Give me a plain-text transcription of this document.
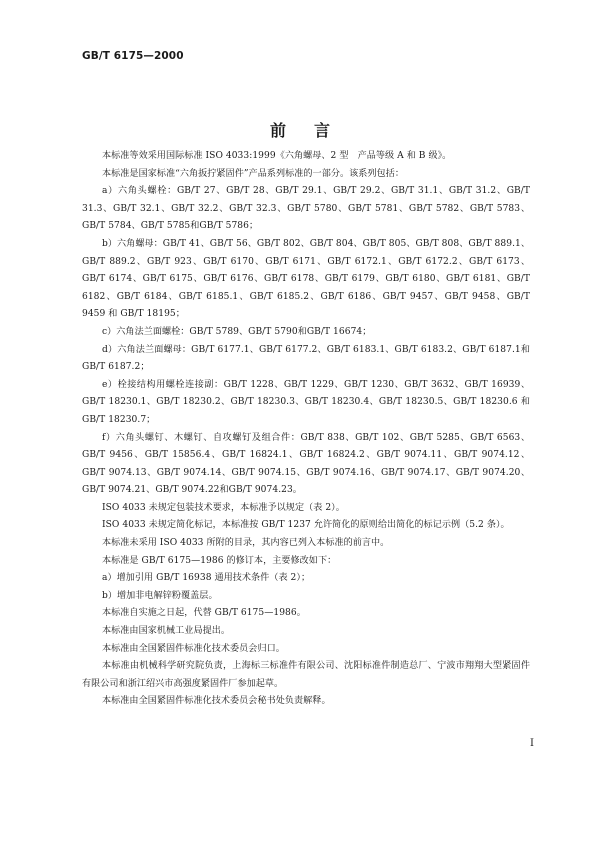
GB/T 6175—2000
前言

本标准等效采用国际标准 ISO 4033:1999《六角螺母、2 型　产品等级 A 和 B 级》。

本标准是国家标准“六角扳拧紧固件”产品系列标准的一部分。该系列包括：

a）六角头螺栓：GB/T 27、GB/T 28、GB/T 29.1、GB/T 29.2、GB/T 31.1、GB/T 31.2、GB/T 31.3、GB/T 32.1、GB/T 32.2、GB/T 32.3、GB/T 5780、GB/T 5781、GB/T 5782、GB/T 5783、GB/T 5784、GB/T 5785和GB/T 5786；

b）六角螺母：GB/T 41、GB/T 56、GB/T 802、GB/T 804、GB/T 805、GB/T 808、GB/T 889.1、GB/T 889.2、GB/T 923、GB/T 6170、GB/T 6171、GB/T 6172.1、GB/T 6172.2、GB/T 6173、GB/T 6174、GB/T 6175、GB/T 6176、GB/T 6178、GB/T 6179、GB/T 6180、GB/T 6181、GB/T 6182、GB/T 6184、GB/T 6185.1、GB/T 6185.2、GB/T 6186、GB/T 9457、GB/T 9458、GB/T 9459 和 GB/T 18195；

c）六角法兰面螺栓：GB/T 5789、GB/T 5790和GB/T 16674；

d）六角法兰面螺母：GB/T 6177.1、GB/T 6177.2、GB/T 6183.1、GB/T 6183.2、GB/T 6187.1和 GB/T 6187.2；

e）栓接结构用螺栓连接副：GB/T 1228、GB/T 1229、GB/T 1230、GB/T 3632、GB/T 16939、GB/T 18230.1、GB/T 18230.2、GB/T 18230.3、GB/T 18230.4、GB/T 18230.5、GB/T 18230.6 和 GB/T 18230.7；

f）六角头螺钉、木螺钉、自攻螺钉及组合件：GB/T 838、GB/T 102、GB/T 5285、GB/T 6563、GB/T 9456、GB/T 15856.4、GB/T 16824.1、GB/T 16824.2、GB/T 9074.11、GB/T 9074.12、GB/T 9074.13、GB/T 9074.14、GB/T 9074.15、GB/T 9074.16、GB/T 9074.17、GB/T 9074.20、GB/T 9074.21、GB/T 9074.22和GB/T 9074.23。

ISO 4033 未规定包装技术要求，本标准予以规定（表 2）。

ISO 4033 未规定简化标记，本标准按 GB/T 1237 允许简化的原则给出简化的标记示例（5.2 条）。

本标准未采用 ISO 4033 所附的目录，其内容已列入本标准的前言中。

本标准是 GB/T 6175—1986 的修订本，主要修改如下：

a）增加引用 GB/T 16938 通用技术条件（表 2）；

b）增加非电解锌粉覆盖层。

本标准自实施之日起，代替 GB/T 6175—1986。

本标准由国家机械工业局提出。

本标准由全国紧固件标准化技术委员会归口。

本标准由机械科学研究院负责，上海标三标准件有限公司、沈阳标准件制造总厂、宁波市翔翔大型紧固件有限公司和浙江绍兴市高强度紧固件厂参加起草。

本标准由全国紧固件标准化技术委员会秘书处负责解释。

I
